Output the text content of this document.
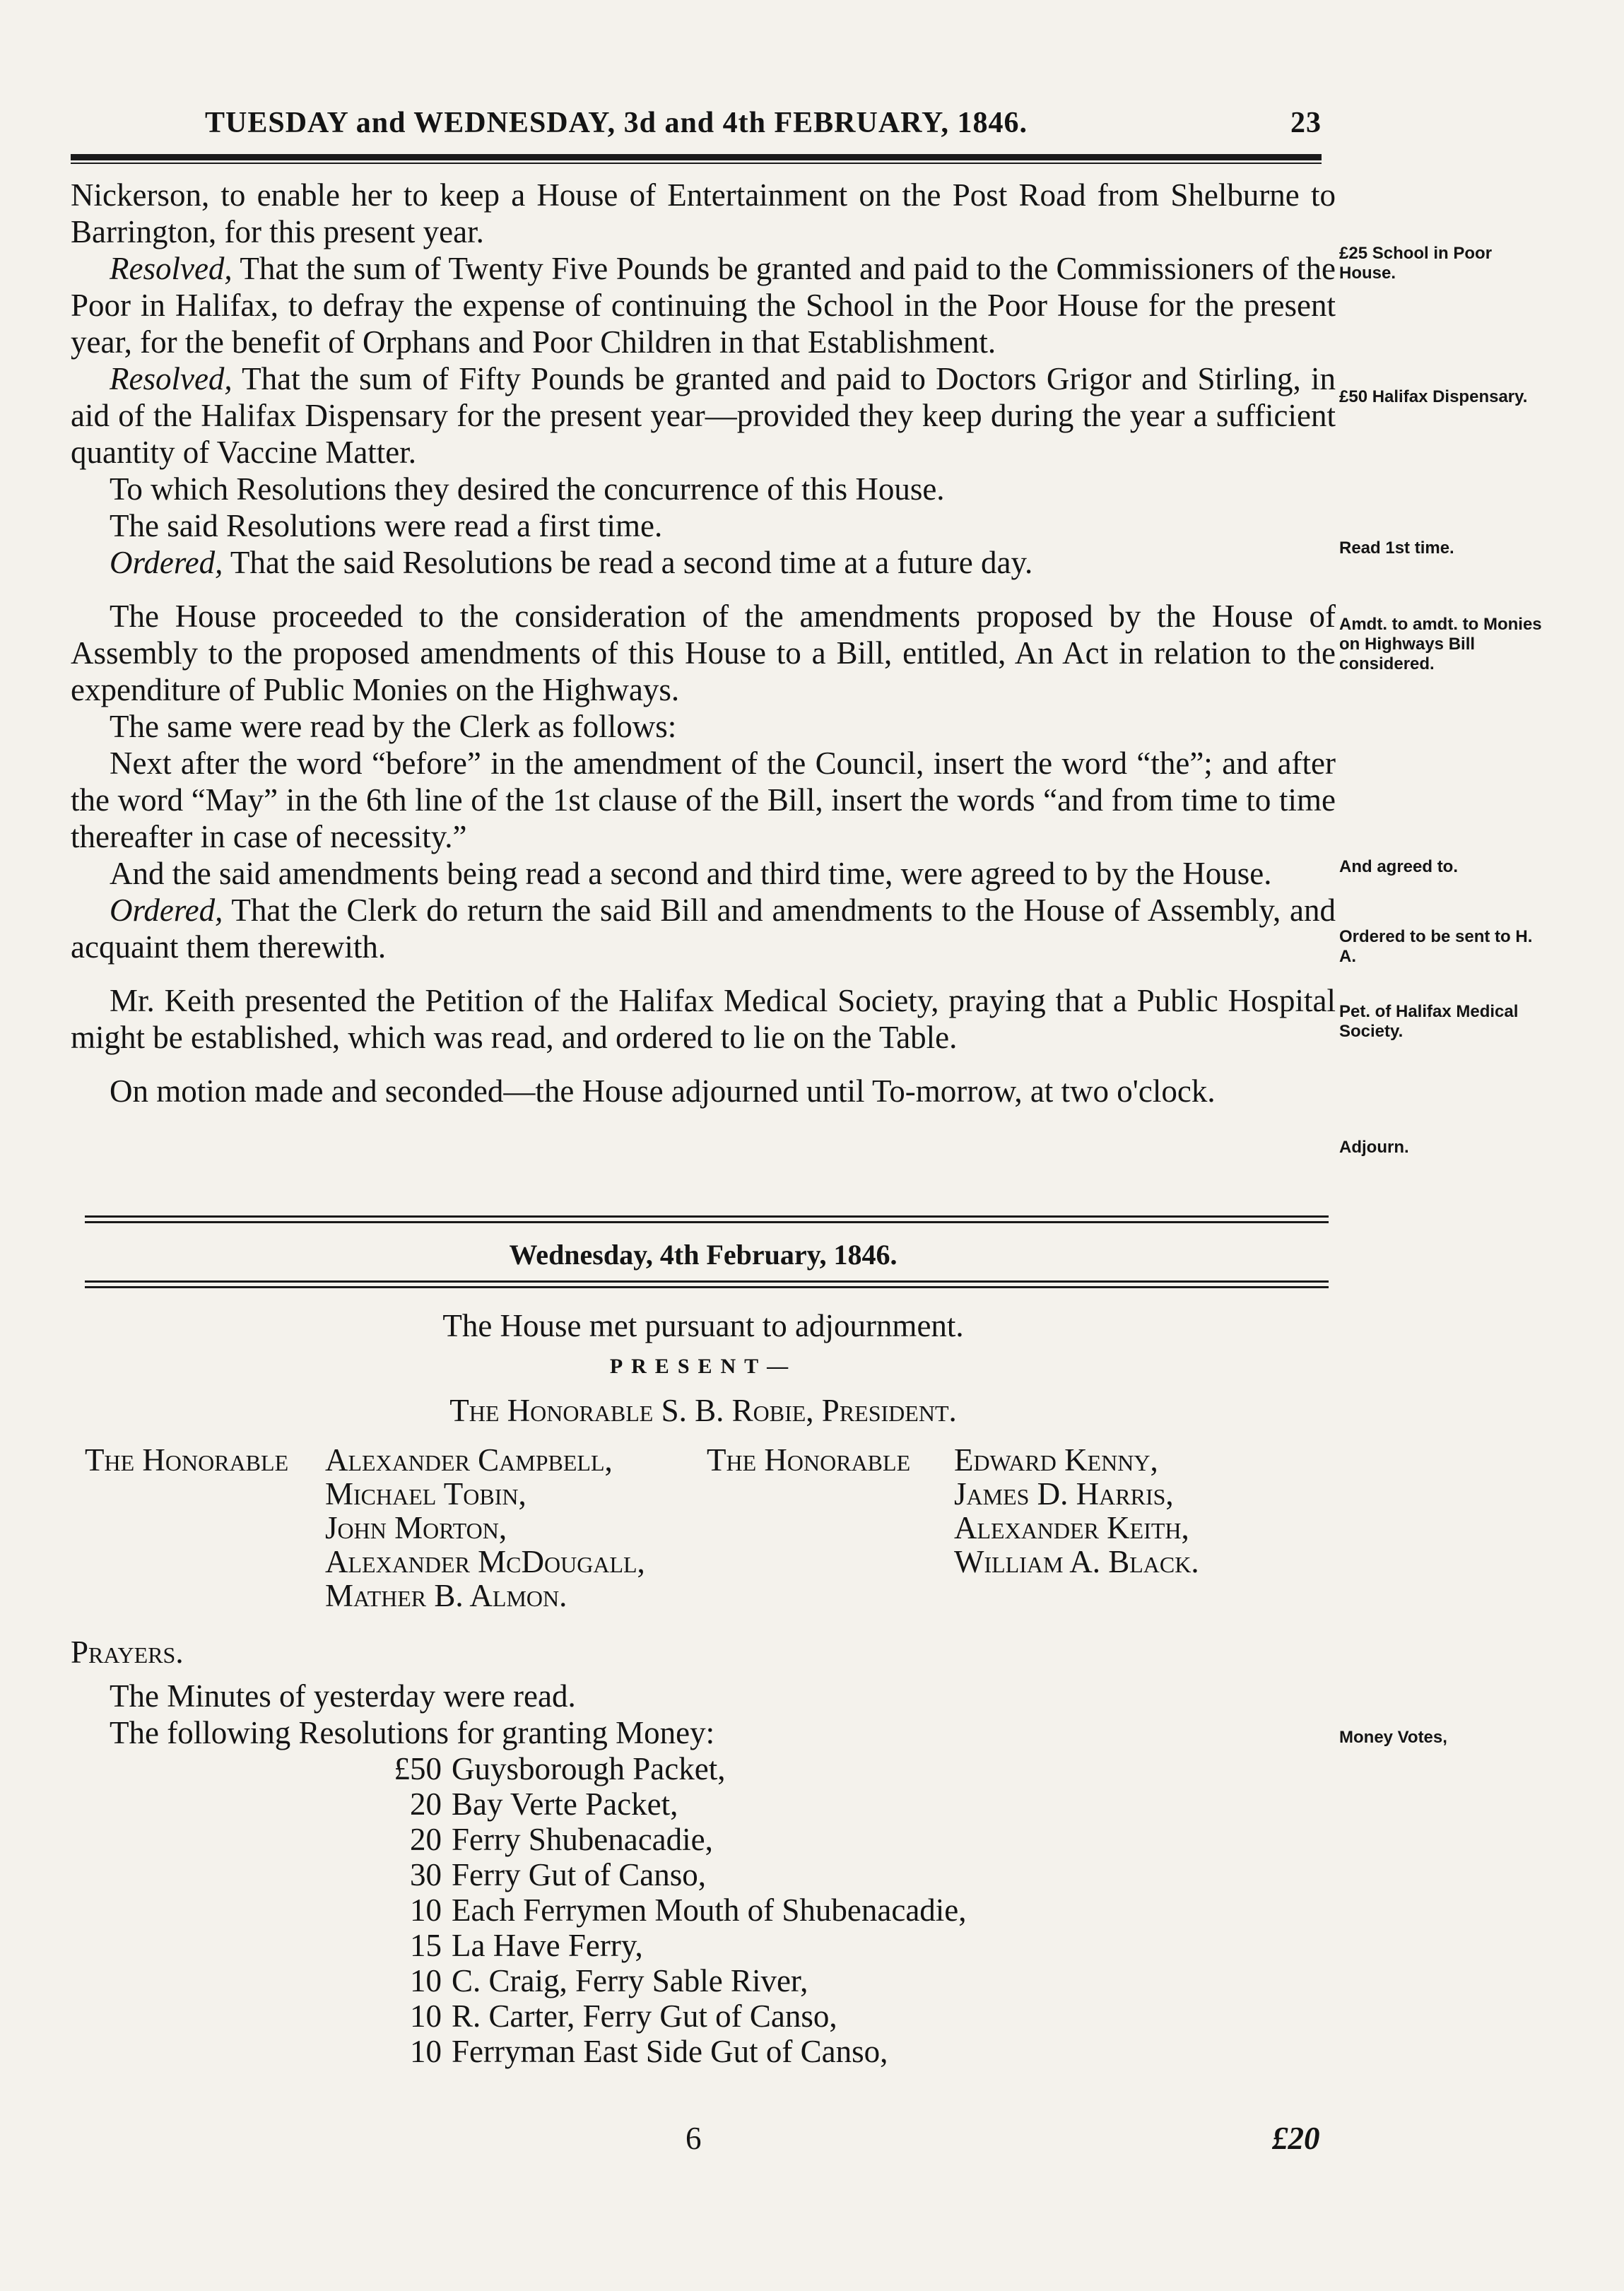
TUESDAY and WEDNESDAY, 3d and 4th FEBRUARY, 1846.	23
£25 School in Poor House.
£50 Halifax Dispensary.
Read 1st time.
Amdt. to amdt. to Monies on Highways Bill considered.
And agreed to.
Ordered to be sent to H. A.
Pet. of Halifax Medical Society.
Adjourn.
Money Votes,

Nickerson, to enable her to keep a House of Entertainment on the Post Road from Shelburne to Barrington, for this present year.

Resolved, That the sum of Twenty Five Pounds be granted and paid to the Commissioners of the Poor in Halifax, to defray the expense of continuing the School in the Poor House for the present year, for the benefit of Orphans and Poor Children in that Establishment.

Resolved, That the sum of Fifty Pounds be granted and paid to Doctors Grigor and Stirling, in aid of the Halifax Dispensary for the present year—provided they keep during the year a sufficient quantity of Vaccine Matter.

To which Resolutions they desired the concurrence of this House.

The said Resolutions were read a first time.

Ordered, That the said Resolutions be read a second time at a future day.

The House proceeded to the consideration of the amendments proposed by the House of Assembly to the proposed amendments of this House to a Bill, entitled, An Act in relation to the expenditure of Public Monies on the Highways.

The same were read by the Clerk as follows:

Next after the word “before” in the amendment of the Council, insert the word “the”; and after the word “May” in the 6th line of the 1st clause of the Bill, insert the words “and from time to time thereafter in case of necessity.”

And the said amendments being read a second and third time, were agreed to by the House.

Ordered, That the Clerk do return the said Bill and amendments to the House of Assembly, and acquaint them therewith.

Mr. Keith presented the Petition of the Halifax Medical Society, praying that a Public Hospital might be established, which was read, and ordered to lie on the Table.

On motion made and seconded—the House adjourned until To-morrow, at two o'clock.

Wednesday, 4th February, 1846.

The House met pursuant to adjournment.

PRESENT—

The Honorable S. B. Robie, President.

The Honorable Alexander Campbell,
Michael Tobin,
John Morton,
Alexander McDougall,
Mather B. Almon.
The Honorable Edward Kenny,
James D. Harris,
Alexander Keith,
William A. Black.

Prayers.

The Minutes of yesterday were read.

The following Resolutions for granting Money:

£50 Guysborough Packet,
20 Bay Verte Packet,
20 Ferry Shubenacadie,
30 Ferry Gut of Canso,
10 Each Ferrymen Mouth of Shubenacadie,
15 La Have Ferry,
10 C. Craig, Ferry Sable River,
10 R. Carter, Ferry Gut of Canso,
10 Ferryman East Side Gut of Canso,
6	£20
